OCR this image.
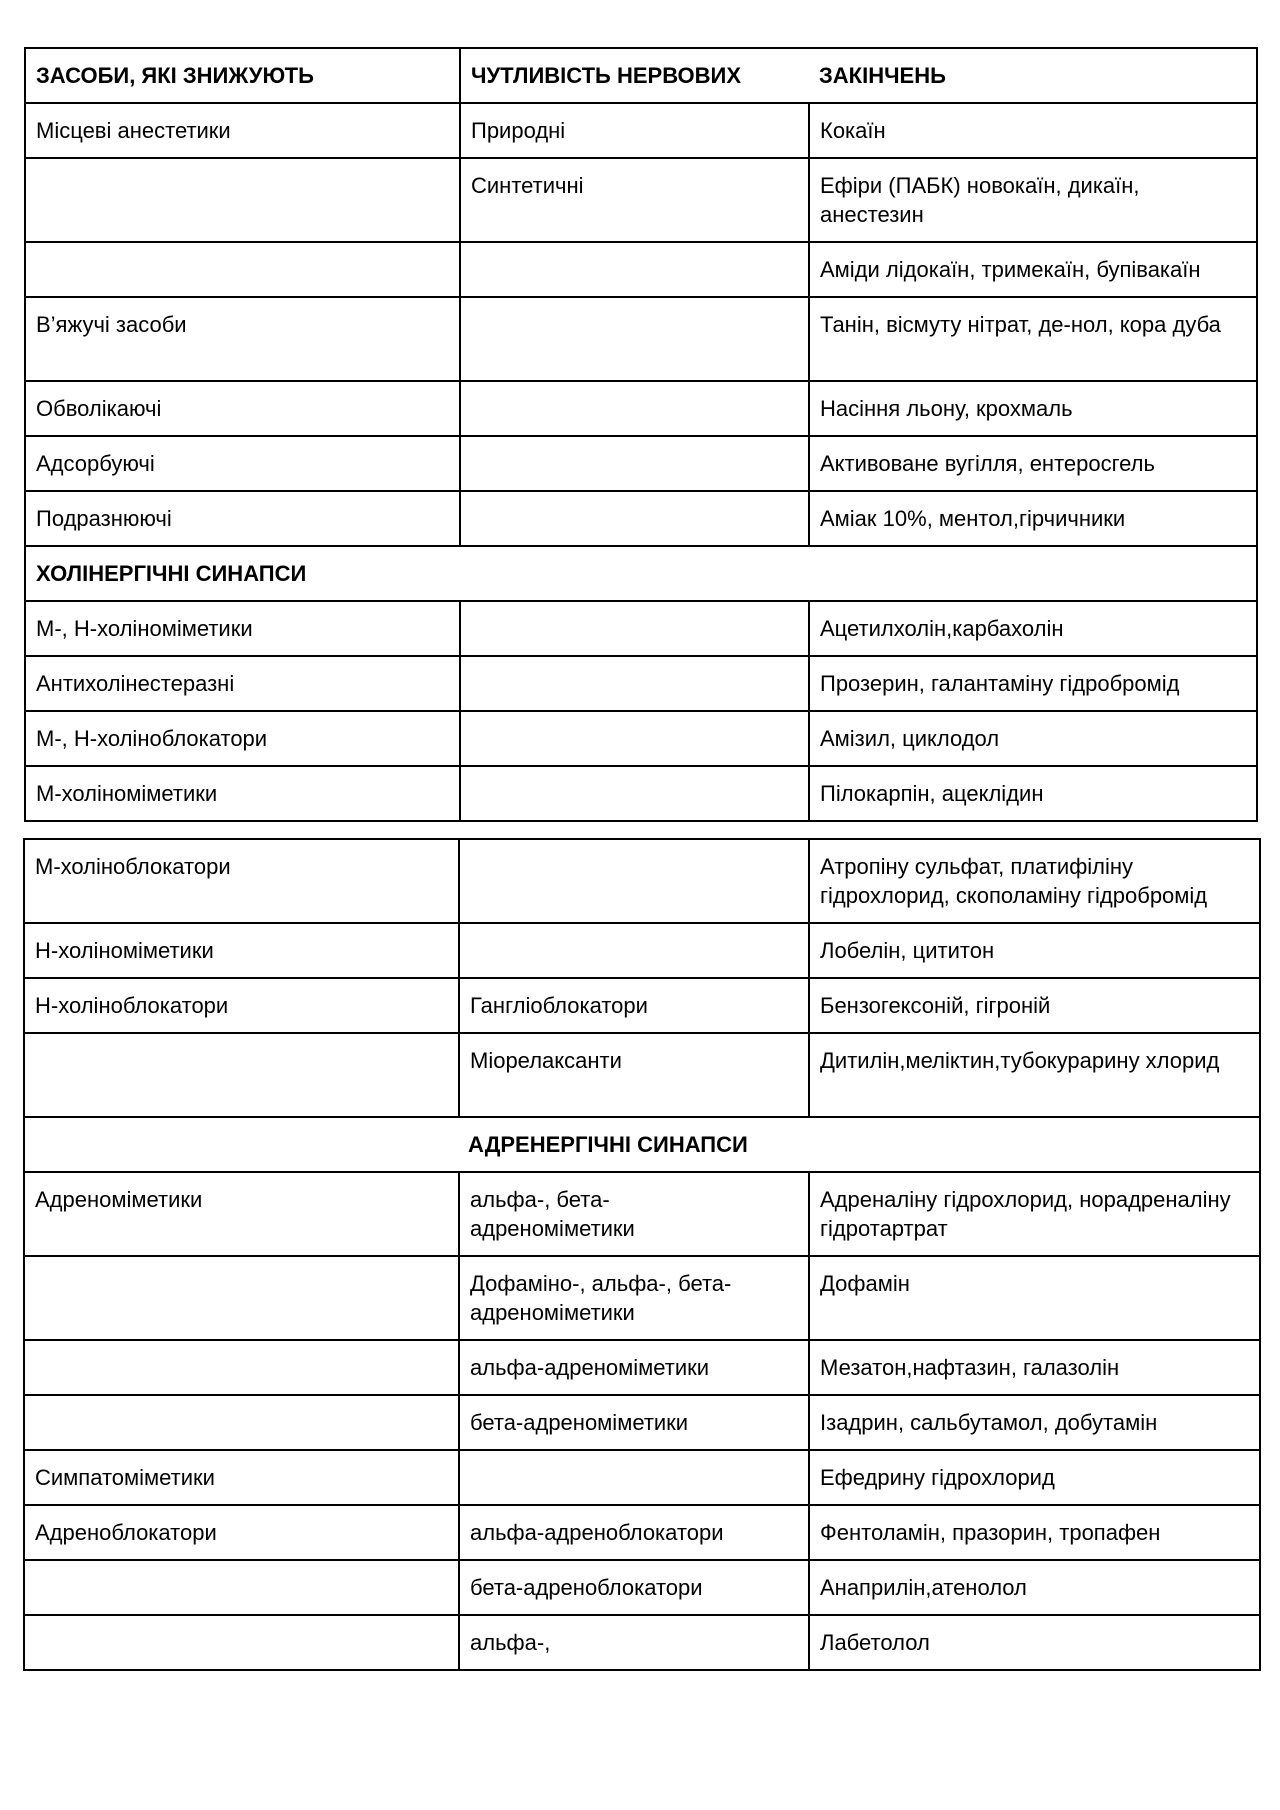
ЗАСОБИ, ЯКІ ЗНИЖУЮТЬ	ЧУТЛИВІСТЬ НЕРВОВИХ	ЗАКІНЧЕНЬ
Місцеві анестетики	Природні	Кокаїн
	Синтетичні	Ефіри (ПАБК) новокаїн, дикаїн, анестезин
		Аміди лідокаїн, тримекаїн, бупівакаїн
В’яжучі засоби		Танін, вісмуту нітрат, де-нол, кора дуба
Обволікаючі		Насіння льону, крохмаль
Адсорбуючі		Активоване вугілля, ентеросгель
Подразнюючі		Аміак 10%, ментол,гірчичники
ХОЛІНЕРГІЧНІ СИНАПСИ		
М-, Н-холіноміметики		Ацетилхолін,карбахолін
Антихолінестеразні		Прозерин, галантаміну гідробромід
М-, Н-холіноблокатори		Амізил, циклодол
М-холіноміметики		Пілокарпін, ацеклідин
М-холіноблокатори		Атропіну сульфат, платифіліну гідрохлорид, скополаміну гідробромід
Н-холіноміметики		Лобелін, цититон
Н-холіноблокатори	Гангліоблокатори	Бензогексоній, гігроній
	Міорелаксанти	Дитилін,меліктин,тубокурарину хлорид
АДРЕНЕРГІЧНІ СИНАПСИ		
Адреноміметики	альфа-, бета-адреноміметики	Адреналіну гідрохлорид, норадреналіну гідротартрат
	Дофаміно-, альфа-, бета-адреноміметики	Дофамін
	альфа-адреноміметики	Мезатон,нафтазин, галазолін
	бета-адреноміметики	Ізадрин, сальбутамол, добутамін
Симпатоміметики		Ефедрину гідрохлорид
Адреноблокатори	альфа-адреноблокатори	Фентоламін, празорин, тропафен
	бета-адреноблокатори	Анаприлін,атенолол
	альфа-,	Лабетолол
